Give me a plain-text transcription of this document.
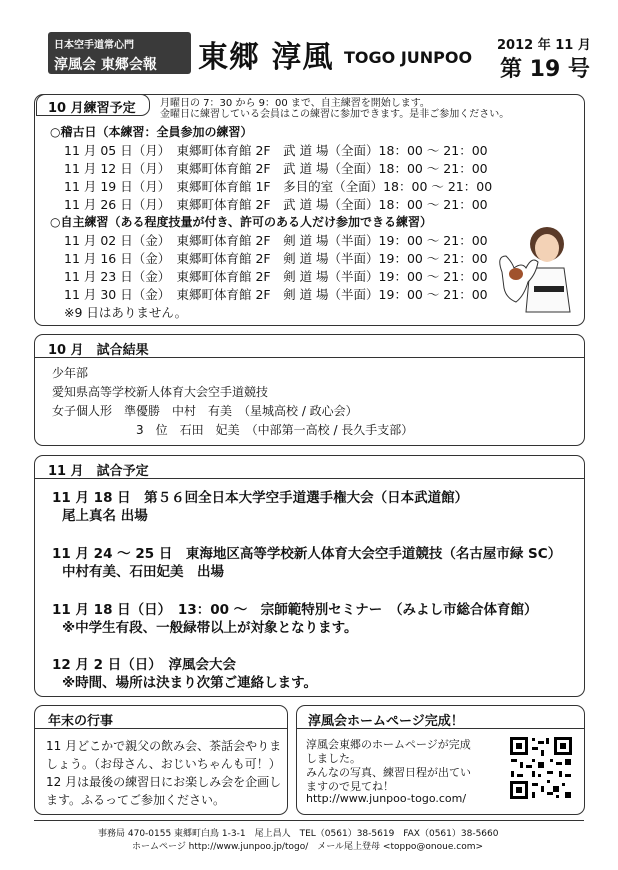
日本空手道常心門
淳風会 東郷会報 東郷 淳風 TOGO JUNPOO
2012 年 11 月
第 19 号
10 月練習予定 月曜日の 7：30 から 9：00 まで、自主練習を開始します。
金曜日に練習している会員はこの練習に参加できます。是非ご参加ください。
○稽古日（本練習：全員参加の練習）
11 月 05 日（月）　東郷町体育館 2F　武 道 場（全面）18：00 ～ 21：00
11 月 12 日（月）　東郷町体育館 2F　武 道 場（全面）18：00 ～ 21：00
11 月 19 日（月）　東郷町体育館 1F　多目的室（全面）18：00 ～ 21：00
11 月 26 日（月）　東郷町体育館 2F　武 道 場（全面）18：00 ～ 21：00
○自主練習（ある程度技量が付き、許可のある人だけ参加できる練習）
11 月 02 日（金）　東郷町体育館 2F　剣 道 場（半面）19：00 ～ 21：00
11 月 16 日（金）　東郷町体育館 2F　剣 道 場（半面）19：00 ～ 21：00
11 月 23 日（金）　東郷町体育館 2F　剣 道 場（半面）19：00 ～ 21：00
11 月 30 日（金）　東郷町体育館 2F　剣 道 場（半面）19：00 ～ 21：00
※9 日はありません。
10 月　試合結果
少年部
愛知県高等学校新人体育大会空手道競技
女子個人形　準優勝　中村　有美　（星城高校 / 政心会）
　　　　　　　3　位　石田　妃美　（中部第一高校 / 長久手支部）
11 月　試合予定
11 月 18 日　第５６回全日本大学空手道選手権大会（日本武道館）
尾上真名 出場
11 月 24 ～ 25 日　東海地区高等学校新人体育大会空手道競技（名古屋市緑 SC）
中村有美、石田妃美　出場
11 月 18 日（日）　13：00 ～　宗師範特別セミナー　（みよし市総合体育館）
※中学生有段、一般緑帯以上が対象となります。
12 月 2 日（日）　淳風会大会
※時間、場所は決まり次第ご連絡します。
年末の行事
11 月どこかで親父の飲み会、茶話会やりま
しょう。（お母さん、おじいちゃんも可！）
12 月は最後の練習日にお楽しみ会を企画し
ます。ふるってご参加ください。
淳風会ホームページ完成！
淳風会東郷のホームページが完成
しました。
みんなの写真、練習日程が出てい
ますので見てね！
http://www.junpoo-togo.com/
事務局 470-0155 東郷町白鳥 1-3-1　尾上昌人　TEL（0561）38-5619　FAX（0561）38-5660
ホームページ http://www.junpoo.jp/togo/　メール尾上登母 <toppo@onoue.com>
